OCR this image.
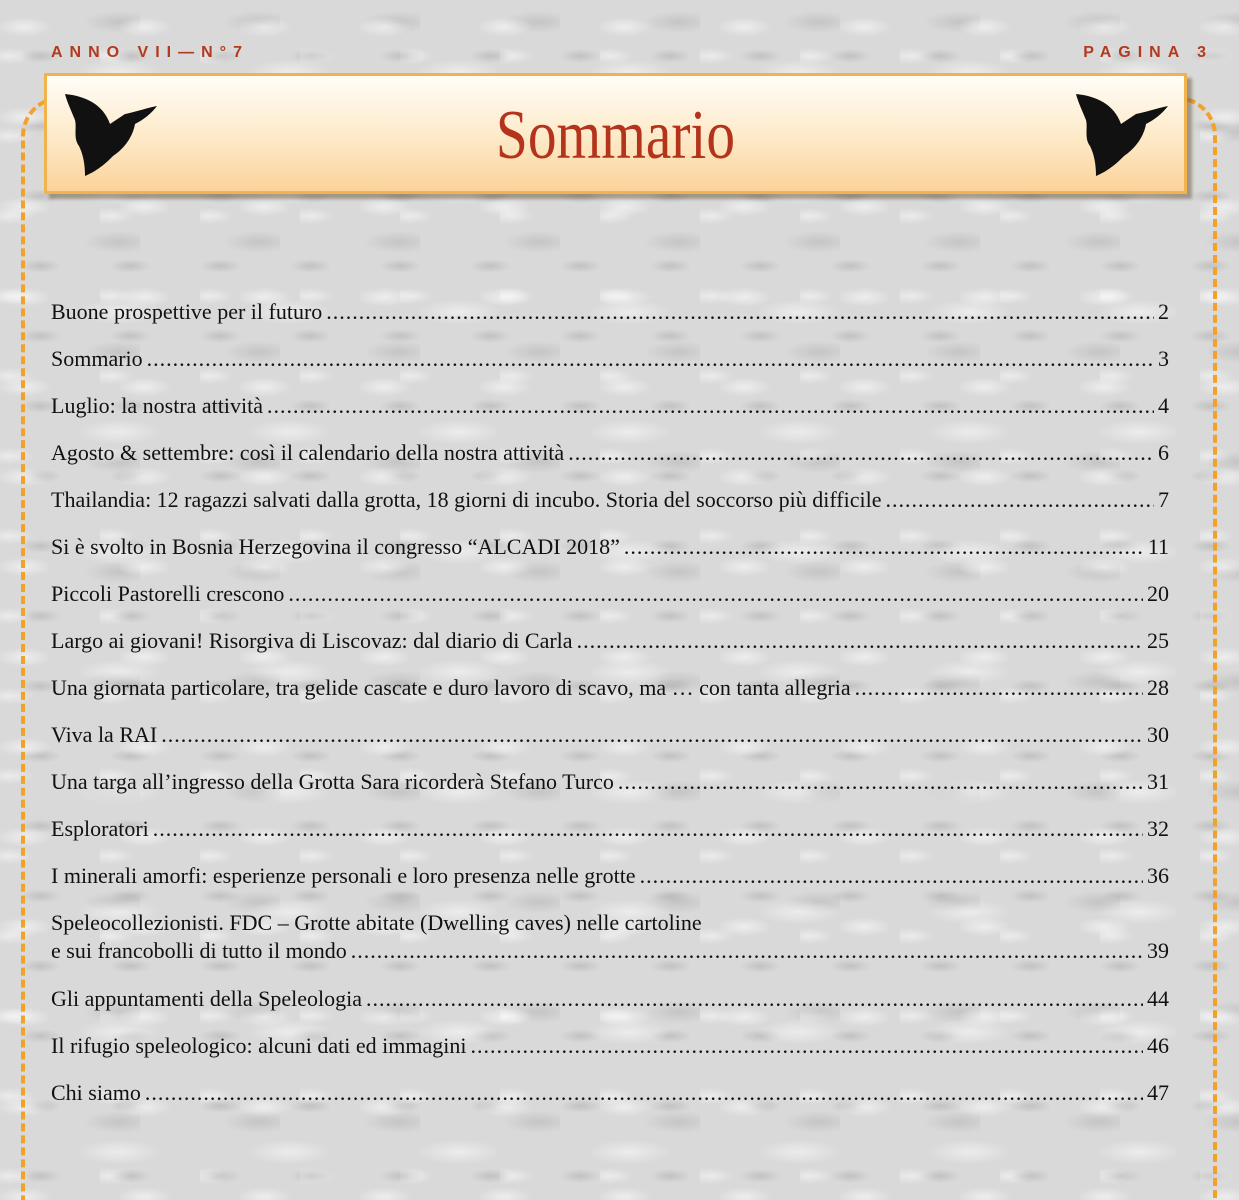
ANNO VII—N°7	PAGINA 3
Sommario
Buone prospettive per il futuro .....	2
Sommario .....	3
Luglio: la nostra attività .....	4
Agosto & settembre: così il calendario della nostra attività .....	6
Thailandia: 12 ragazzi salvati dalla grotta, 18 giorni di incubo. Storia del soccorso più difficile .....	7
Si è svolto in Bosnia Herzegovina il congresso “ALCADI 2018” .....	11
Piccoli Pastorelli crescono .....	20
Largo ai giovani! Risorgiva di Liscovaz: dal diario di Carla .....	25
Una giornata particolare, tra gelide cascate e duro lavoro di scavo, ma … con tanta allegria .....	28
Viva la RAI .....	30
Una targa all’ingresso della Grotta Sara ricorderà Stefano Turco .....	31
Esploratori .....	32
I minerali amorfi: esperienze personali e loro presenza nelle grotte .....	36
Speleocollezionisti. FDC – Grotte abitate (Dwelling caves) nelle cartoline
e sui francobolli di tutto il mondo .....	39
Gli appuntamenti della Speleologia .....	44
Il rifugio speleologico: alcuni dati ed immagini .....	46
Chi siamo .....	47
